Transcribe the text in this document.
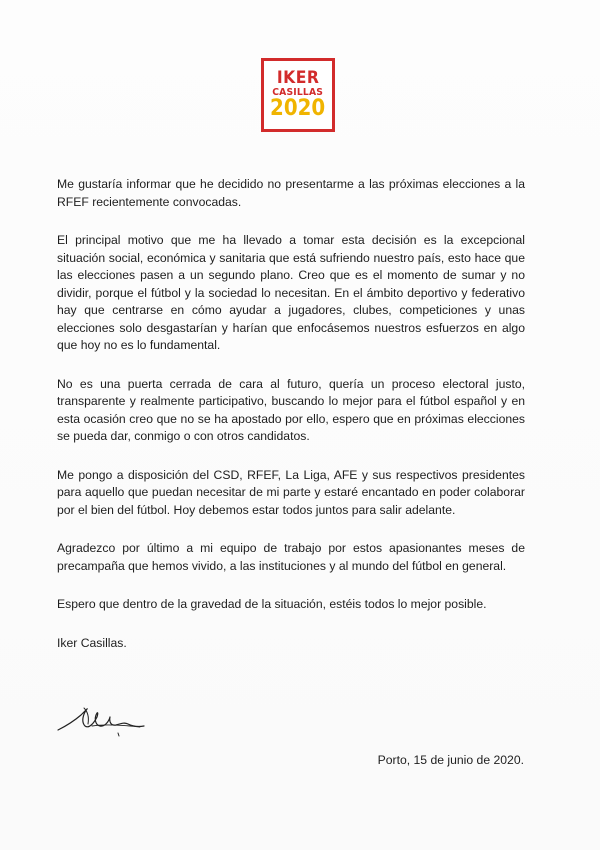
IKER
CASILLAS
2020

Me gustaría informar que he decidido no presentarme a las próximas elecciones a la RFEF recientemente convocadas.

El principal motivo que me ha llevado a tomar esta decisión es la excepcional situación social, económica y sanitaria que está sufriendo nuestro país, esto hace que las elecciones pasen a un segundo plano. Creo que es el momento de sumar y no dividir, porque el fútbol y la sociedad lo necesitan. En el ámbito deportivo y federativo hay que centrarse en cómo ayudar a jugadores, clubes, competiciones y unas elecciones solo desgastarían y harían que enfocásemos nuestros esfuerzos en algo que hoy no es lo fundamental.

No es una puerta cerrada de cara al futuro, quería un proceso electoral justo, transparente y realmente participativo, buscando lo mejor para el fútbol español y en esta ocasión creo que no se ha apostado por ello, espero que en próximas elecciones se pueda dar, conmigo o con otros candidatos.

Me pongo a disposición del CSD, RFEF, La Liga, AFE y sus respectivos presidentes para aquello que puedan necesitar de mi parte y estaré encantado en poder colaborar por el bien del fútbol. Hoy debemos estar todos juntos para salir adelante.

Agradezco por último a mi equipo de trabajo por estos apasionantes meses de precampaña que hemos vivido, a las instituciones y al mundo del fútbol en general.

Espero que dentro de la gravedad de la situación, estéis todos lo mejor posible.

Iker Casillas.

Porto, 15 de junio de 2020.
